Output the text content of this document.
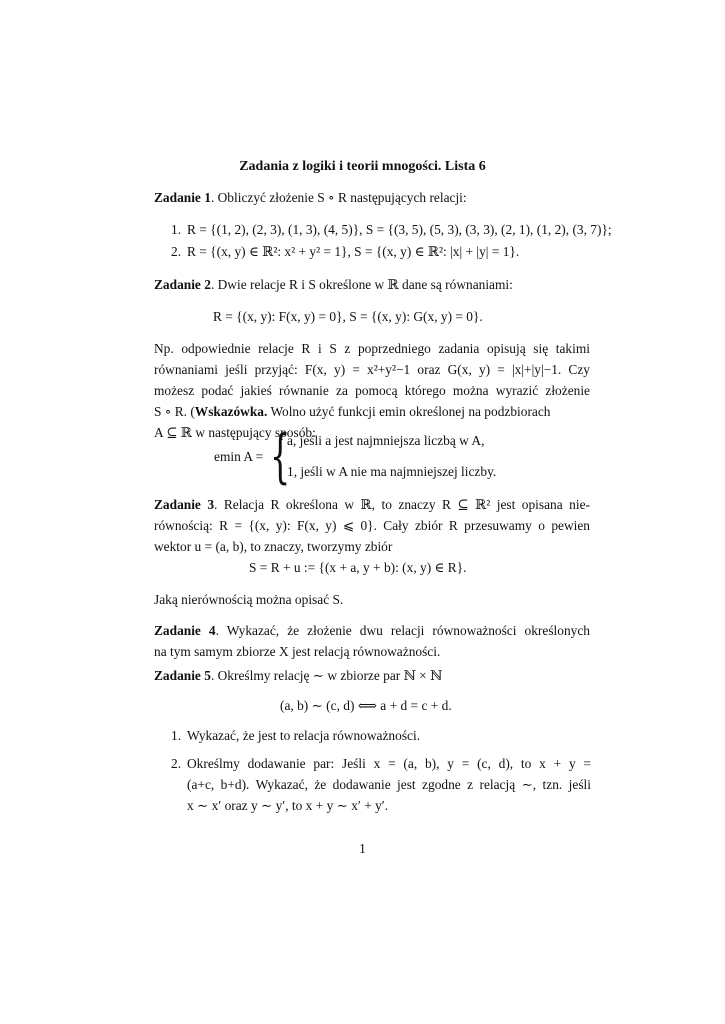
Zadania z logiki i teorii mnogości. Lista 6
Zadanie 1. Obliczyć złożenie S ∘ R następujących relacji:
1. R = {(1, 2), (2, 3), (1, 3), (4, 5)}, S = {(3, 5), (5, 3), (3, 3), (2, 1), (1, 2), (3, 7)};
2. R = {(x, y) ∈ ℝ²: x² + y² = 1}, S = {(x, y) ∈ ℝ²: |x| + |y| = 1}.
Zadanie 2. Dwie relacje R i S określone w ℝ dane są równaniami:
R = {(x, y): F(x, y) = 0}, S = {(x, y): G(x, y) = 0}.
Np. odpowiednie relacje R i S z poprzedniego zadania opisują się takimi
równaniami jeśli przyjąć: F(x, y) = x²+y²−1 oraz G(x, y) = |x|+|y|−1. Czy
możesz podać jakieś równanie za pomocą którego można wyrazić złożenie
S ∘ R. (Wskazówka. Wolno użyć funkcji emin określonej na podzbiorach
A ⊆ ℝ w następujący sposób:
emin A = {
a, jeśli a jest najmniejsza liczbą w A,
1, jeśli w A nie ma najmniejszej liczby.
Zadanie 3. Relacja R określona w ℝ, to znaczy R ⊆ ℝ² jest opisana nie-
równością: R = {(x, y): F(x, y) ⩽ 0}. Cały zbiór R przesuwamy o pewien
wektor u = (a, b), to znaczy, tworzymy zbiór
S = R + u := {(x + a, y + b): (x, y) ∈ R}.
Jaką nierównością można opisać S.
Zadanie 4. Wykazać, że złożenie dwu relacji równoważności określonych
na tym samym zbiorze X jest relacją równoważności.
Zadanie 5. Określmy relację ∼ w zbiorze par ℕ × ℕ
(a, b) ∼ (c, d) ⟺ a + d = c + d.
1. Wykazać, że jest to relacja równoważności.
2. Określmy dodawanie par: Jeśli x = (a, b), y = (c, d), to x + y =
(a+c, b+d). Wykazać, że dodawanie jest zgodne z relacją ∼, tzn. jeśli
x ∼ x′ oraz y ∼ y′, to x + y ∼ x′ + y′.
1
